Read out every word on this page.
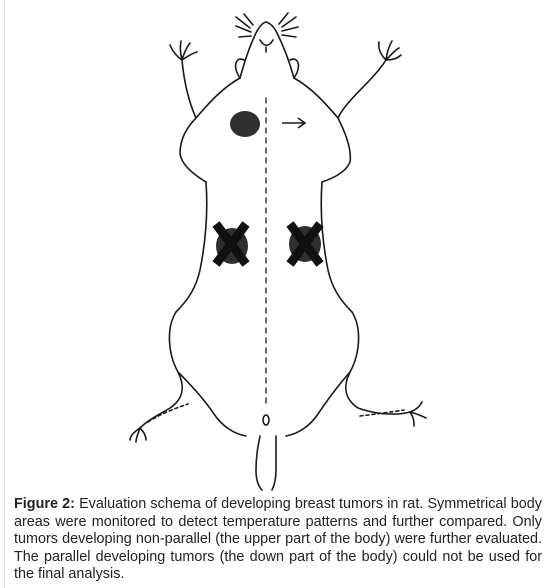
Figure 2: Evaluation schema of developing breast tumors in rat. Symmetrical body areas were monitored to detect temperature patterns and further compared. Only tumors developing non-parallel (the upper part of the body) were further evaluated. The parallel developing tumors (the down part of the body) could not be used for the final analysis.
